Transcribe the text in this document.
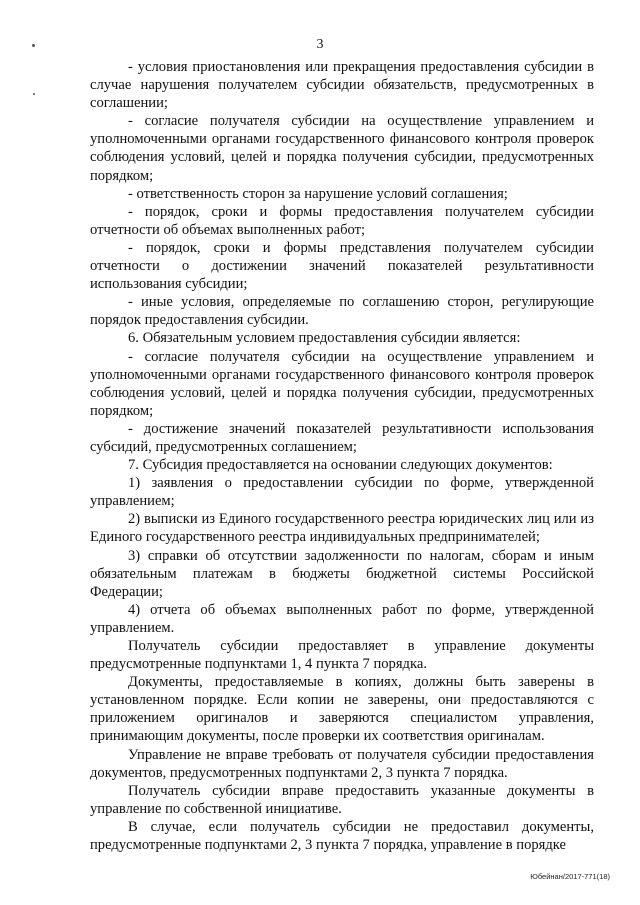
3

- условия приостановления или прекращения предоставления субсидии в случае нарушения получателем субсидии обязательств, предусмотренных в соглашении;

- согласие получателя субсидии на осуществление управлением и уполномоченными органами государственного финансового контроля проверок соблюдения условий, целей и порядка получения субсидии, предусмотренных порядком;

- ответственность сторон за нарушение условий соглашения;

- порядок, сроки и формы предоставления получателем субсидии отчетности об объемах выполненных работ;

- порядок, сроки и формы представления получателем субсидии отчетности о достижении значений показателей результативности использования субсидии;

- иные условия, определяемые по соглашению сторон, регулирующие порядок предоставления субсидии.

6. Обязательным условием предоставления субсидии является:

- согласие получателя субсидии на осуществление управлением и уполномоченными органами государственного финансового контроля проверок соблюдения условий, целей и порядка получения субсидии, предусмотренных порядком;

- достижение значений показателей результативности использования субсидий, предусмотренных соглашением;

7. Субсидия предоставляется на основании следующих документов:

1) заявления о предоставлении субсидии по форме, утвержденной управлением;

2) выписки из Единого государственного реестра юридических лиц или из Единого государственного реестра индивидуальных предпринимателей;

3) справки об отсутствии задолженности по налогам, сборам и иным обязательным платежам в бюджеты бюджетной системы Российской Федерации;

4) отчета об объемах выполненных работ по форме, утвержденной управлением.

Получатель субсидии предоставляет в управление документы предусмотренные подпунктами 1, 4 пункта 7 порядка.

Документы, предоставляемые в копиях, должны быть заверены в установленном порядке. Если копии не заверены, они предоставляются с приложением оригиналов и заверяются специалистом управления, принимающим документы, после проверки их соответствия оригиналам.

Управление не вправе требовать от получателя субсидии предоставления документов, предусмотренных подпунктами 2, 3 пункта 7 порядка.

Получатель субсидии вправе предоставить указанные документы в управление по собственной инициативе.

В случае, если получатель субсидии не предоставил документы, предусмотренные подпунктами 2, 3 пункта 7 порядка, управление в порядке

Юбейнан/2017-771(18)
